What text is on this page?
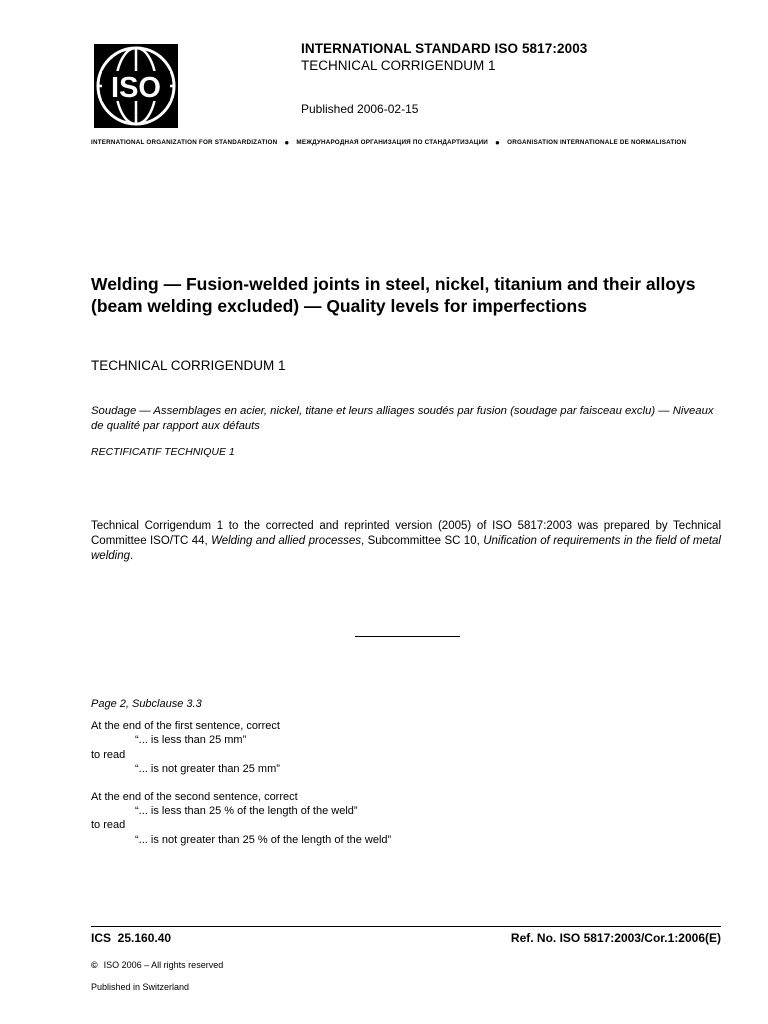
ISO
INTERNATIONAL STANDARD ISO 5817:2003
TECHNICAL CORRIGENDUM 1
Published 2006-02-15
INTERNATIONAL ORGANIZATION FOR STANDARDIZATION ● МЕЖДУНАРОДНАЯ ОРГАНИЗАЦИЯ ПО СТАНДАРТИЗАЦИИ ● ORGANISATION INTERNATIONALE DE NORMALISATION
Welding — Fusion-welded joints in steel, nickel, titanium and their alloys (beam welding excluded) — Quality levels for imperfections
TECHNICAL CORRIGENDUM 1
Soudage — Assemblages en acier, nickel, titane et leurs alliages soudés par fusion (soudage par faisceau exclu) — Niveaux de qualité par rapport aux défauts
RECTIFICATIF TECHNIQUE 1
Technical Corrigendum 1 to the corrected and reprinted version (2005) of ISO 5817:2003 was prepared by Technical Committee ISO/TC 44, Welding and allied processes, Subcommittee SC 10, Unification of requirements in the field of metal welding.
Page 2, Subclause 3.3
At the end of the first sentence, correct
“... is less than 25 mm”
to read
“... is not greater than 25 mm”
At the end of the second sentence, correct
“... is less than 25 % of the length of the weld”
to read
“... is not greater than 25 % of the length of the weld”
ICS  25.160.40	Ref. No. ISO 5817:2003/Cor.1:2006(E)
© ISO 2006 – All rights reserved
Published in Switzerland
